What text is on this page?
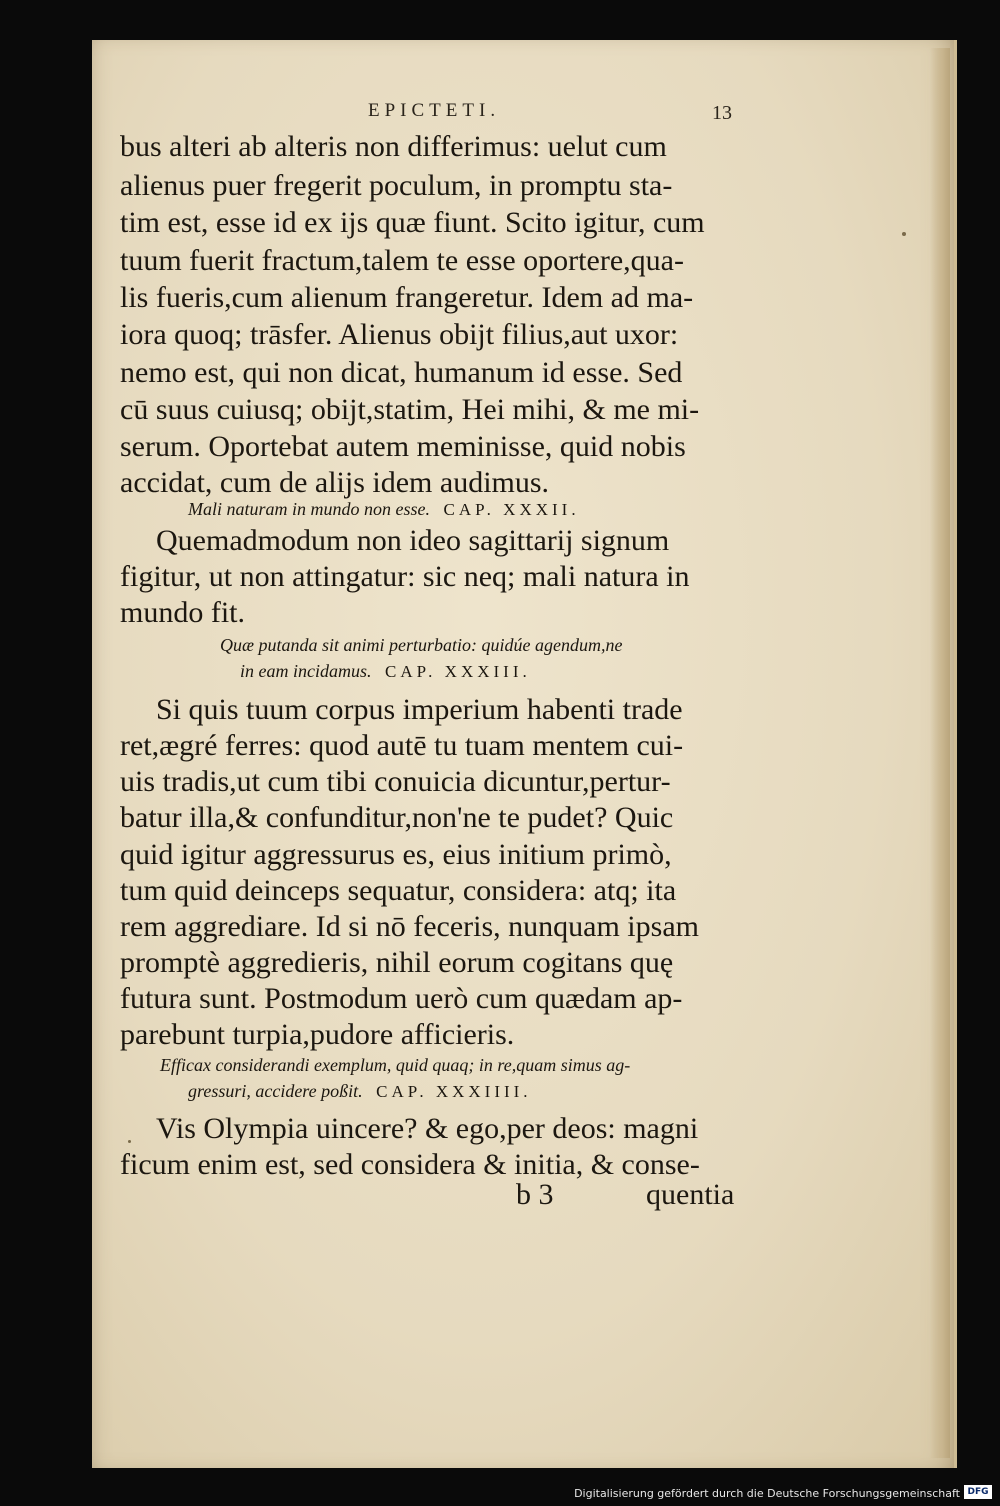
EPICTETI.	13
bus alteri ab alteris non differimus: uelut cum
alienus puer fregerit poculum, in promptu sta-
tim est, esse id ex ijs quæ fiunt. Scito igitur, cum
tuum fuerit fractum,talem te esse oportere,qua-
lis fueris,cum alienum frangeretur. Idem ad ma-
iora quoq; trāsfer. Alienus obijt filius,aut uxor:
nemo est, qui non dicat, humanum id esse. Sed
cū suus cuiusq; obijt,statim, Hei mihi, & me mi-
serum. Oportebat autem meminisse, quid nobis
accidat, cum de alijs idem audimus.
Mali naturam in mundo non esse. CAP. XXXII.
Quemadmodum non ideo sagittarij signum
figitur, ut non attingatur: sic neq; mali natura in
mundo fit.
Quæ putanda sit animi perturbatio: quidúe agendum,ne
in eam incidamus. CAP. XXXIII.
Si quis tuum corpus imperium habenti trade
ret,ægré ferres: quod autē tu tuam mentem cui-
uis tradis,ut cum tibi conuicia dicuntur,pertur-
batur illa,& confunditur,non'ne te pudet? Quic
quid igitur aggressurus es, eius initium primò,
tum quid deinceps sequatur, considera: atq; ita
rem aggrediare. Id si nō feceris, nunquam ipsam
promptè aggredieris, nihil eorum cogitans quę
futura sunt. Postmodum uerò cum quædam ap-
parebunt turpia,pudore afficieris.
Efficax considerandi exemplum, quid quaq; in re,quam simus ag-
gressuri, accidere poßit. CAP. XXXIIII.
Vis Olympia uincere? & ego,per deos: magni
ficum enim est, sed considera & initia, & conse-
b 3	quentia
Digitalisierung gefördert durch die Deutsche Forschungsgemeinschaft DFG
